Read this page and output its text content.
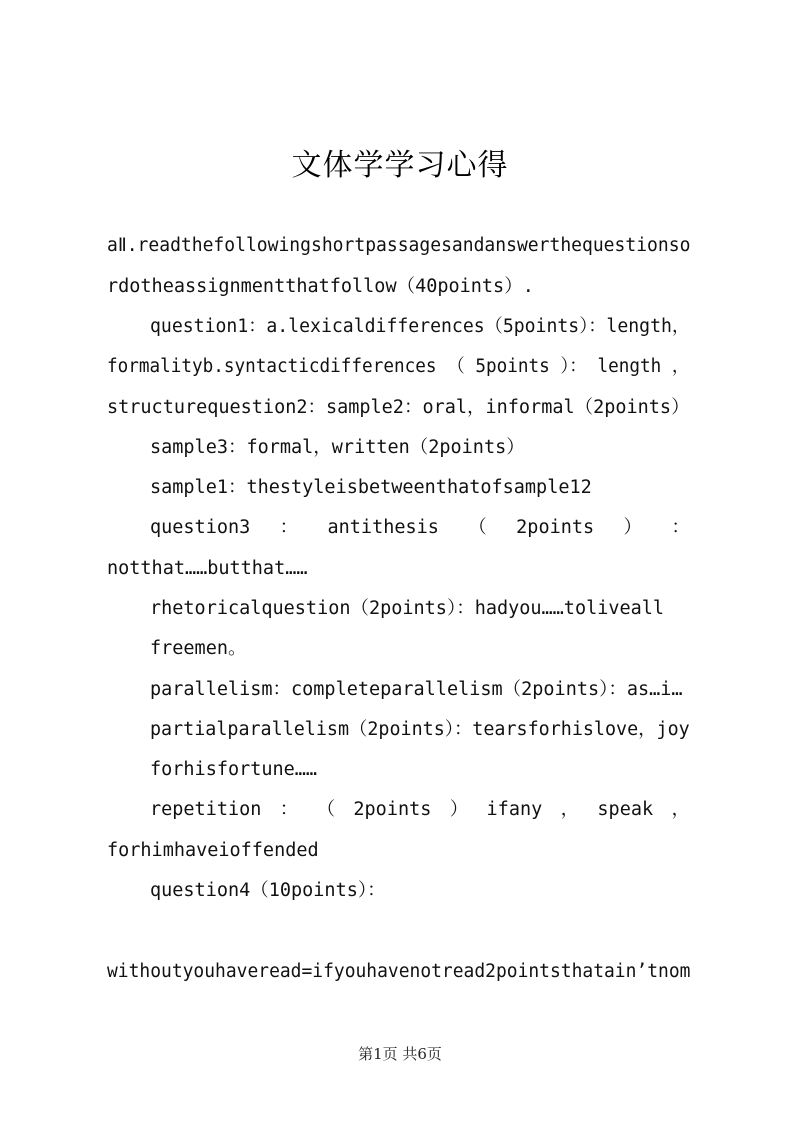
文体学学习心得
aⅡ.readthefollowingshortpassagesandanswerthequestionso
rdotheassignmentthatfollow（40points）.
question1：a.lexicaldifferences（5points）：length，
formalityb.syntacticdifferences （ 5points ）： length ，
structurequestion2：sample2：oral，informal（2points）
sample3：formal，written（2points）
sample1：thestyleisbetweenthatofsample12
question3 ： antithesis （ 2points ） ：
notthat……butthat……
rhetoricalquestion（2points）：hadyou……toliveall
freemen。
parallelism：completeparallelism（2points）：as…i…
partialparallelism（2points）：tearsforhislove，joy
forhisfortune……
repetition ： （ 2points ） ifany ， speak ，
forhimhaveioffended
question4（10points）：
withoutyouhaveread=ifyouhavenotread2pointsthatain’tnom
第1页 共6页
